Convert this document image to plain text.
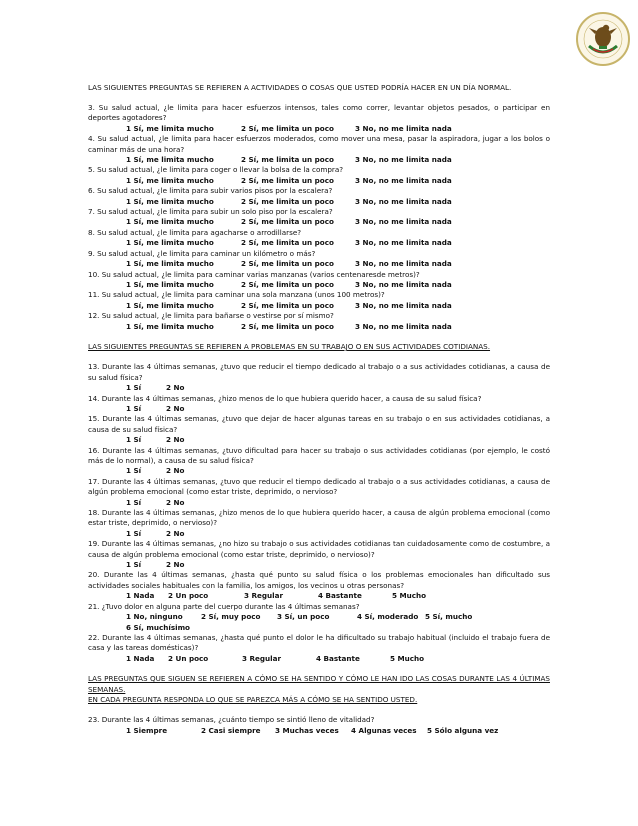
LAS SIGUIENTES PREGUNTAS SE REFIEREN A ACTIVIDADES O COSAS QUE USTED PODRÍA HACER EN UN DÍA NORMAL.
3. Su salud actual, ¿le limita para hacer esfuerzos intensos, tales como correr, levantar objetos pesados, o participar en deportes agotadores?
1 Sí, me limita mucho	2 Sí, me limita un poco	3 No, no me limita nada
4. Su salud actual, ¿le limita para hacer esfuerzos moderados, como mover una mesa, pasar la aspiradora, jugar a los bolos o caminar más de una hora?
1 Sí, me limita mucho	2 Sí, me limita un poco	3 No, no me limita nada
5. Su salud actual, ¿le limita para coger o llevar la bolsa de la compra?
1 Sí, me limita mucho	2 Sí, me limita un poco	3 No, no me limita nada
6. Su salud actual, ¿le limita para subir varios pisos por la escalera?
1 Sí, me limita mucho	2 Sí, me limita un poco	3 No, no me limita nada
7. Su salud actual, ¿le limita para subir un solo piso por la escalera?
1 Sí, me limita mucho	2 Sí, me limita un poco	3 No, no me limita nada
8. Su salud actual, ¿le limita para agacharse o arrodillarse?
1 Sí, me limita mucho	2 Sí, me limita un poco	3 No, no me limita nada
9. Su salud actual, ¿le limita para caminar un kilómetro o más?
1 Sí, me limita mucho	2 Sí, me limita un poco	3 No, no me limita nada
10. Su salud actual, ¿le limita para caminar varias manzanas (varios centenaresde metros)?
1 Sí, me limita mucho	2 Sí, me limita un poco	3 No, no me limita nada
11. Su salud actual, ¿le limita para caminar una sola manzana (unos 100 metros)?
1 Sí, me limita mucho	2 Sí, me limita un poco	3 No, no me limita nada
12. Su salud actual, ¿le limita para bañarse o vestirse por sí mismo?
1 Sí, me limita mucho	2 Sí, me limita un poco	3 No, no me limita nada
LAS SIGUIENTES PREGUNTAS SE REFIEREN A PROBLEMAS EN SU TRABAJO O EN SUS ACTIVIDADES COTIDIANAS.
13. Durante las 4 últimas semanas, ¿tuvo que reducir el tiempo dedicado al trabajo o a sus actividades cotidianas, a causa de su salud física?
1 Sí	2 No
14. Durante las 4 últimas semanas, ¿hizo menos de lo que hubiera querido hacer, a causa de su salud física?
1 Sí	2 No
15. Durante las 4 últimas semanas, ¿tuvo que dejar de hacer algunas tareas en su trabajo o en sus actividades cotidianas, a causa de su salud física?
1 Sí	2 No
16. Durante las 4 últimas semanas, ¿tuvo dificultad para hacer su trabajo o sus actividades cotidianas (por ejemplo, le costó más de lo normal), a causa de su salud física?
1 Sí	2 No
17. Durante las 4 últimas semanas, ¿tuvo que reducir el tiempo dedicado al trabajo o a sus actividades cotidianas, a causa de algún problema emocional (como estar triste, deprimido, o nervioso?
1 Sí	2 No
18. Durante las 4 últimas semanas, ¿hizo menos de lo que hubiera querido hacer, a causa de algún problema emocional (como estar triste, deprimido, o nervioso)?
1 Sí	2 No
19. Durante las 4 últimas semanas, ¿no hizo su trabajo o sus actividades cotidianas tan cuidadosamente como de costumbre, a causa de algún problema emocional (como estar triste, deprimido, o nervioso)?
1 Sí	2 No
20. Durante las 4 últimas semanas, ¿hasta qué punto su salud física o los problemas emocionales han dificultado sus actividades sociales habituales con la familia, los amigos, los vecinos u otras personas?
1 Nada 2 Un poco	3 Regular	4 Bastante	5 Mucho
21. ¿Tuvo dolor en alguna parte del cuerpo durante las 4 últimas semanas?
1 No, ninguno	2 Sí, muy poco 3 Sí, un poco	4 Sí, moderado 5 Sí, mucho
6 Sí, muchísimo
22. Durante las 4 últimas semanas, ¿hasta qué punto el dolor le ha dificultado su trabajo habitual (incluido el trabajo fuera de casa y las tareas domésticas)?
1 Nada 2 Un poco	3 Regular	4 Bastante	5 Mucho
LAS PREGUNTAS QUE SIGUEN SE REFIEREN A CÓMO SE HA SENTIDO Y CÓMO LE HAN IDO LAS COSAS DURANTE LAS 4 ÚLTIMAS SEMANAS.
EN CADA PREGUNTA RESPONDA LO QUE SE PAREZCA MÁS A CÓMO SE HA SENTIDO USTED.
23. Durante las 4 últimas semanas, ¿cuánto tiempo se sintió lleno de vitalidad?
1 Siempre	2 Casi siempre 3 Muchas veces 4 Algunas veces 5 Sólo alguna vez
